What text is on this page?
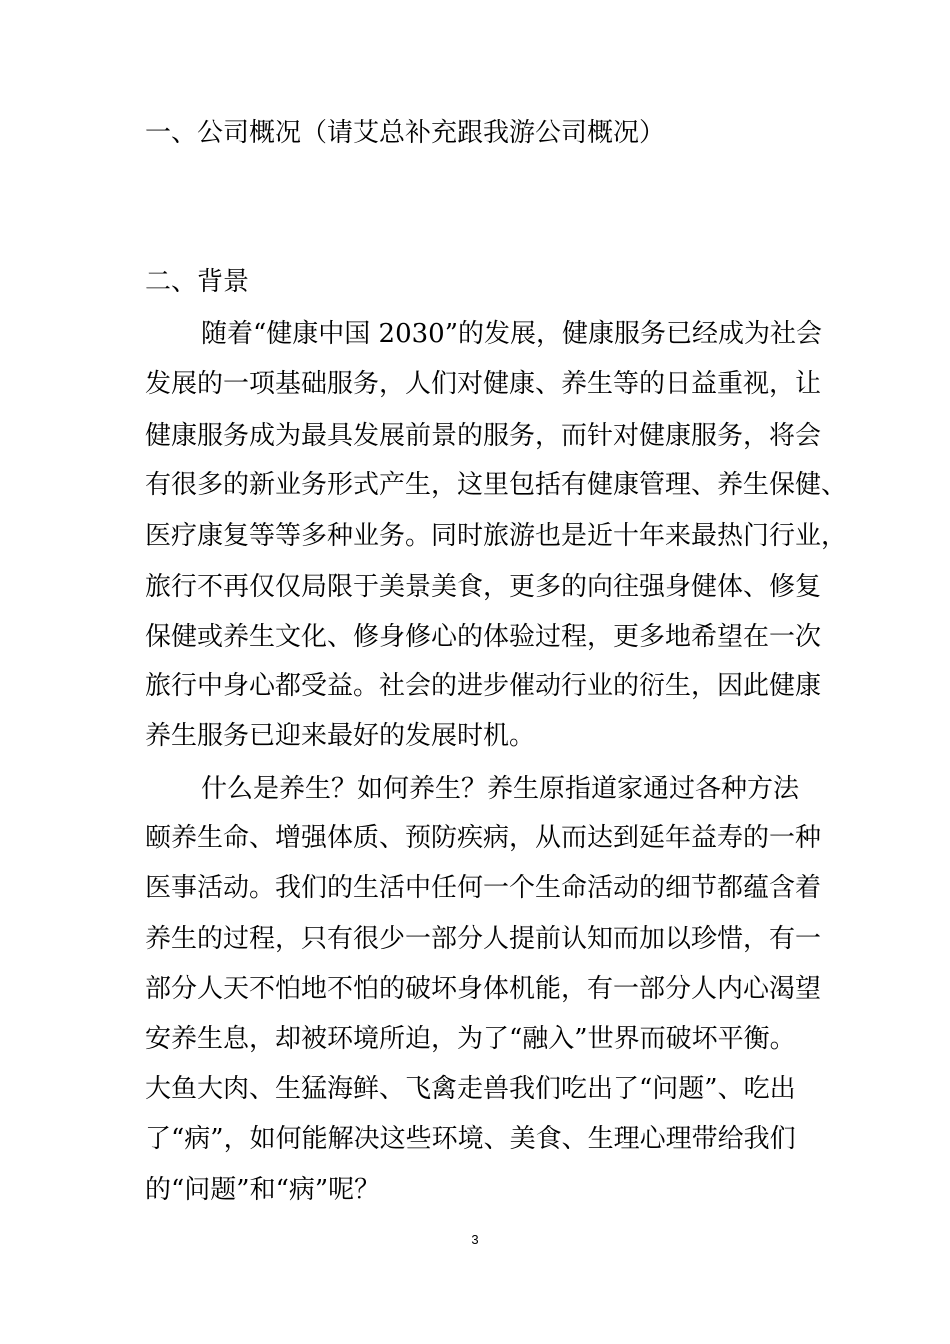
一、公司概况（请艾总补充跟我游公司概况）
二、背景
随着“健康中国 2030”的发展，健康服务已经成为社会
发展的一项基础服务，人们对健康、养生等的日益重视，让
健康服务成为最具发展前景的服务，而针对健康服务，将会
有很多的新业务形式产生，这里包括有健康管理、养生保健、
医疗康复等等多种业务。同时旅游也是近十年来最热门行业，
旅行不再仅仅局限于美景美食，更多的向往强身健体、修复
保健或养生文化、修身修心的体验过程，更多地希望在一次
旅行中身心都受益。社会的进步催动行业的衍生，因此健康
养生服务已迎来最好的发展时机。
什么是养生？如何养生？养生原指道家通过各种方法
颐养生命、增强体质、预防疾病，从而达到延年益寿的一种
医事活动。我们的生活中任何一个生命活动的细节都蕴含着
养生的过程，只有很少一部分人提前认知而加以珍惜，有一
部分人天不怕地不怕的破坏身体机能，有一部分人内心渴望
安养生息，却被环境所迫，为了“融入”世界而破坏平衡。
大鱼大肉、生猛海鲜、飞禽走兽我们吃出了“问题”、吃出
了“病”，如何能解决这些环境、美食、生理心理带给我们
的“问题”和“病”呢？
3
